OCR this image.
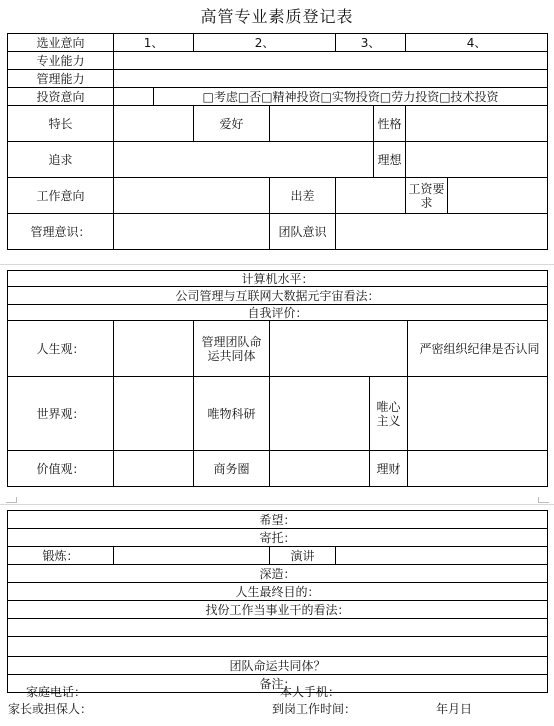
高管专业素质登记表
选业意向	1、		2、		3、		4、	
专业能力								
管理能力								
投资意向		□考虑□否□精神投资□实物投资□劳力投资□技术投资						
特长			爱好			性格		
追求						理想		
工作意向				出差			工资要求	
管理意识：				团队意识				
计算机水平：					
公司管理与互联网大数据元宇宙看法：					
自我评价：					
人生观：		管理团队命运共同体			严密组织纪律是否认同
世界观：		唯物科研		唯心主义	
价值观：		商务圈		理财	
希望：
寄托：
锻炼：		演讲	
深造：
人生最终目的：
找份工作当事业干的看法：

团队命运共同体？
备注：
家庭电话：	本人手机：
家长或担保人：	到岗工作时间：	年月日
